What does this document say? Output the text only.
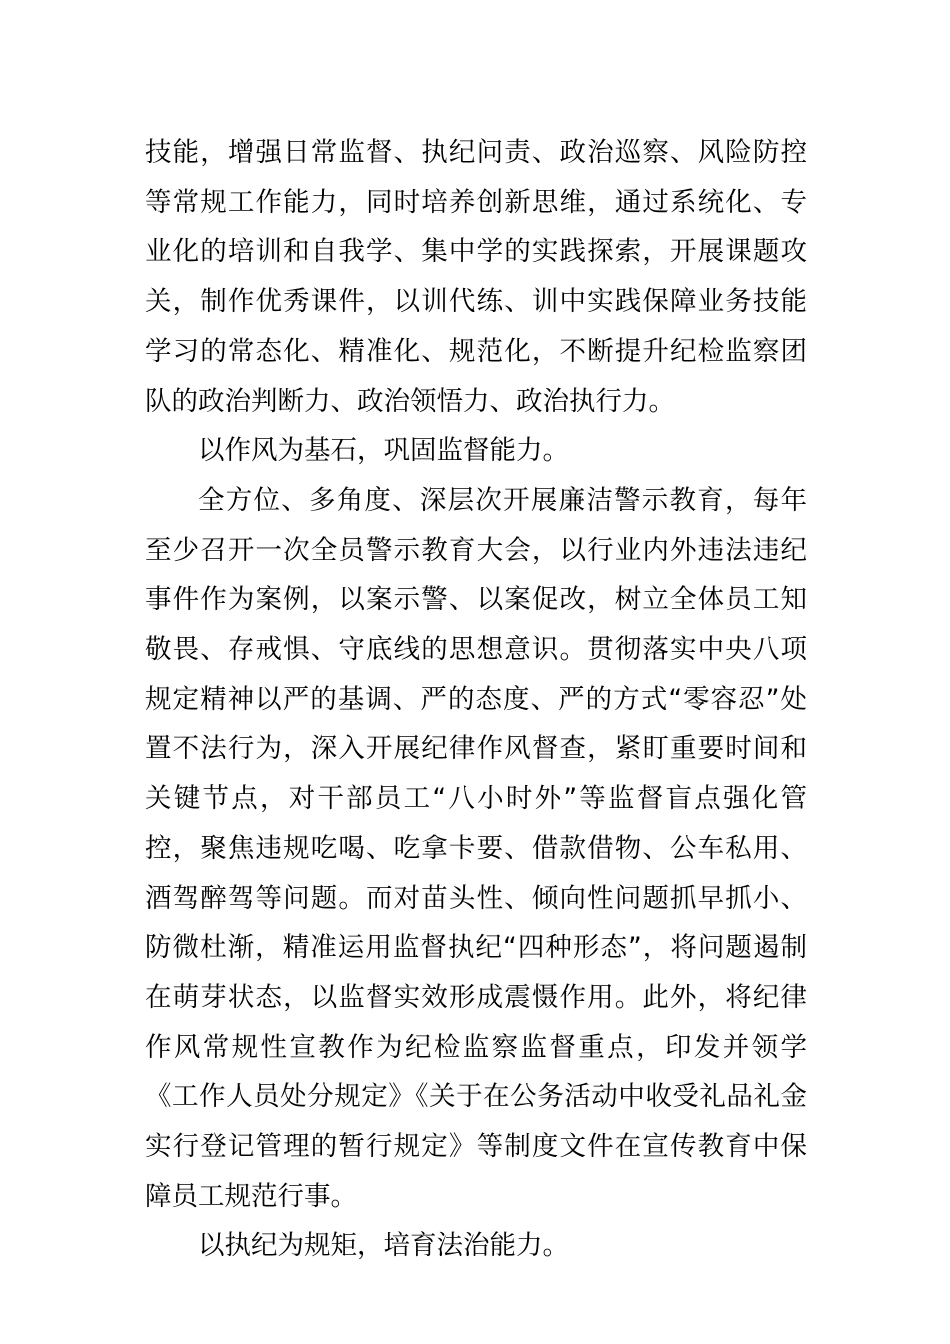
技能，增强日常监督、执纪问责、政治巡察、风险防控等常规工作能力，同时培养创新思维，通过系统化、专业化的培训和自我学、集中学的实践探索，开展课题攻关，制作优秀课件，以训代练、训中实践保障业务技能学习的常态化、精准化、规范化，不断提升纪检监察团队的政治判断力、政治领悟力、政治执行力。

以作风为基石，巩固监督能力。

全方位、多角度、深层次开展廉洁警示教育，每年至少召开一次全员警示教育大会，以行业内外违法违纪事件作为案例，以案示警、以案促改，树立全体员工知敬畏、存戒惧、守底线的思想意识。贯彻落实中央八项规定精神以严的基调、严的态度、严的方式“零容忍”处置不法行为，深入开展纪律作风督查，紧盯重要时间和关键节点，对干部员工“八小时外”等监督盲点强化管控，聚焦违规吃喝、吃拿卡要、借款借物、公车私用、酒驾醉驾等问题。而对苗头性、倾向性问题抓早抓小、防微杜渐，精准运用监督执纪“四种形态”，将问题遏制在萌芽状态，以监督实效形成震慑作用。此外，将纪律作风常规性宣教作为纪检监察监督重点，印发并领学《工作人员处分规定》《关于在公务活动中收受礼品礼金实行登记管理的暂行规定》等制度文件在宣传教育中保障员工规范行事。

以执纪为规矩，培育法治能力。
